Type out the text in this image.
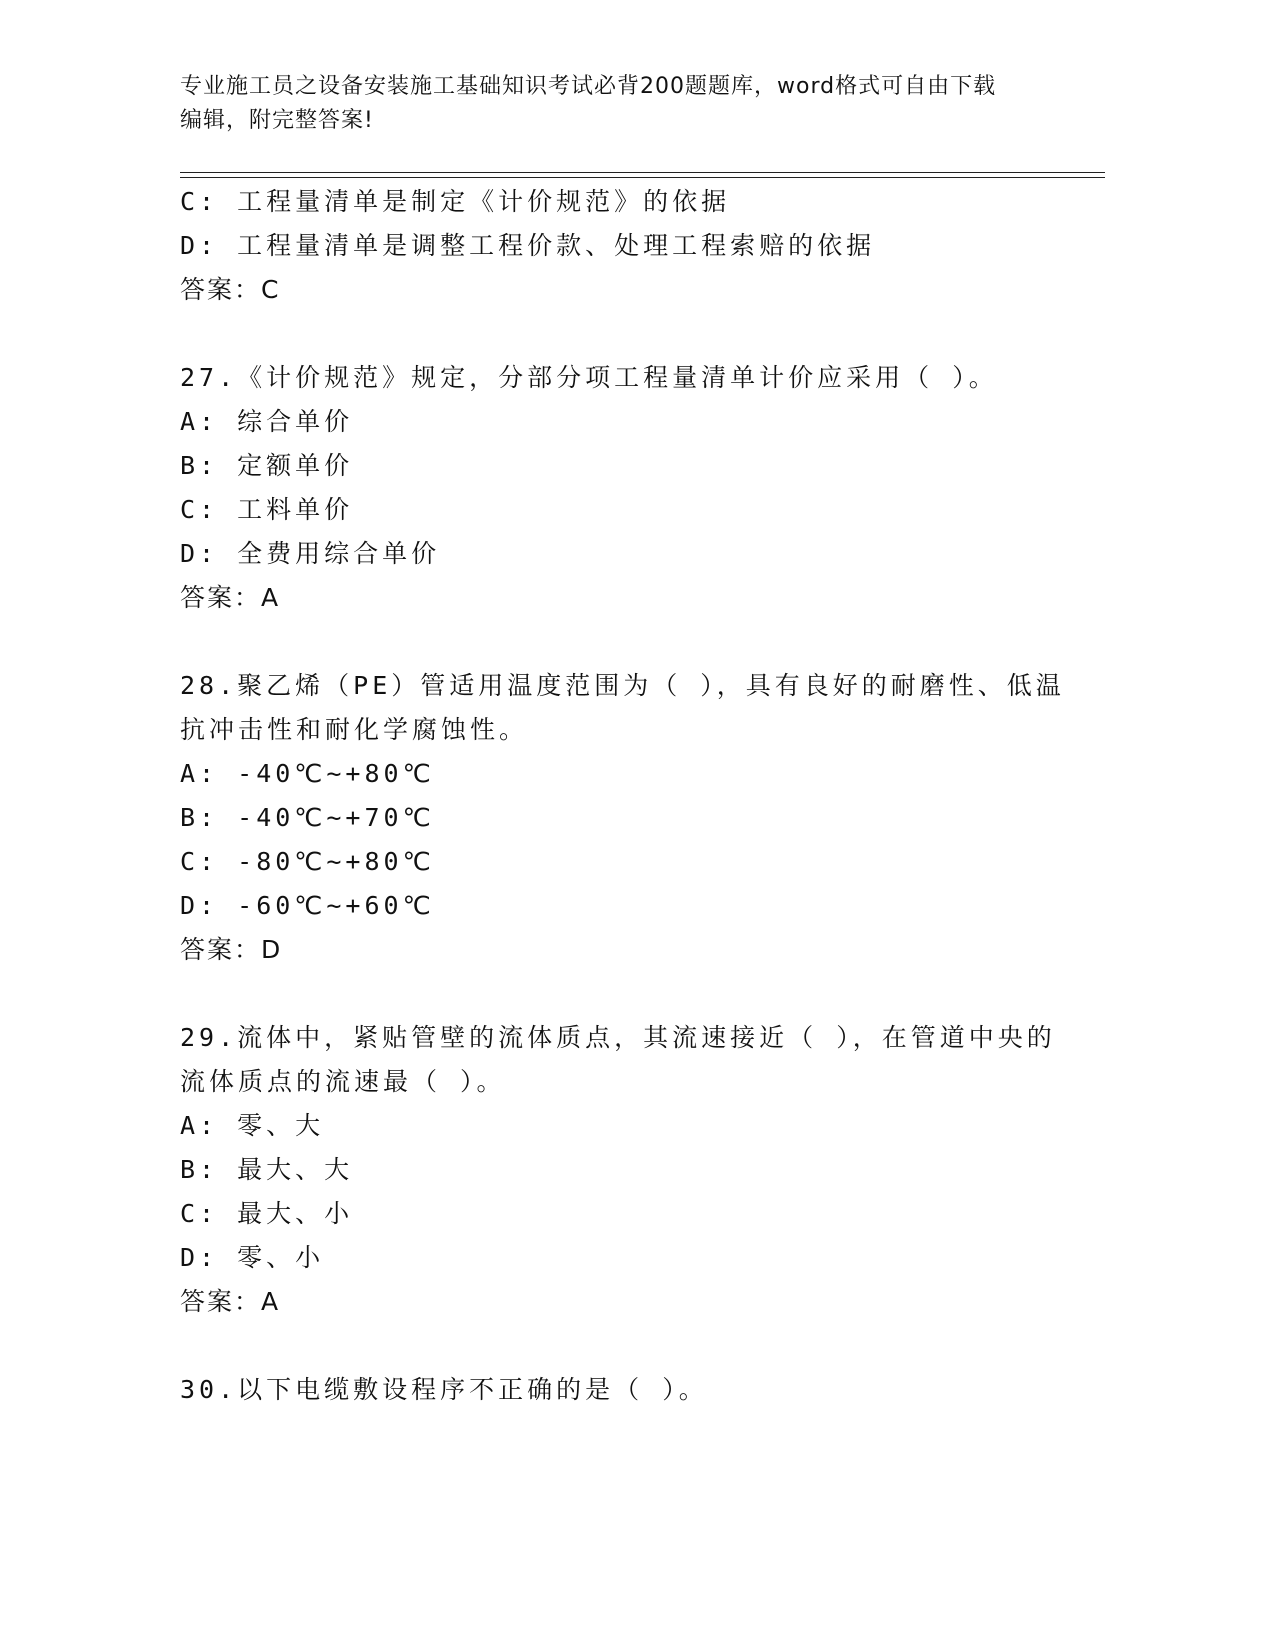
专业施工员之设备安装施工基础知识考试必背200题题库，word格式可自由下载
编辑，附完整答案!
C: 工程量清单是制定《计价规范》的依据
D: 工程量清单是调整工程价款、处理工程索赔的依据
答案：C
27.《计价规范》规定，分部分项工程量清单计价应采用（ ）。
A: 综合单价
B: 定额单价
C: 工料单价
D: 全费用综合单价
答案：A
28.聚乙烯（PE）管适用温度范围为（ ），具有良好的耐磨性、低温
抗冲击性和耐化学腐蚀性。
A: -40℃~+80℃
B: -40℃~+70℃
C: -80℃~+80℃
D: -60℃~+60℃
答案：D
29.流体中，紧贴管壁的流体质点，其流速接近（ ），在管道中央的
流体质点的流速最（ ）。
A: 零、大
B: 最大、大
C: 最大、小
D: 零、小
答案：A
30.以下电缆敷设程序不正确的是（ ）。
